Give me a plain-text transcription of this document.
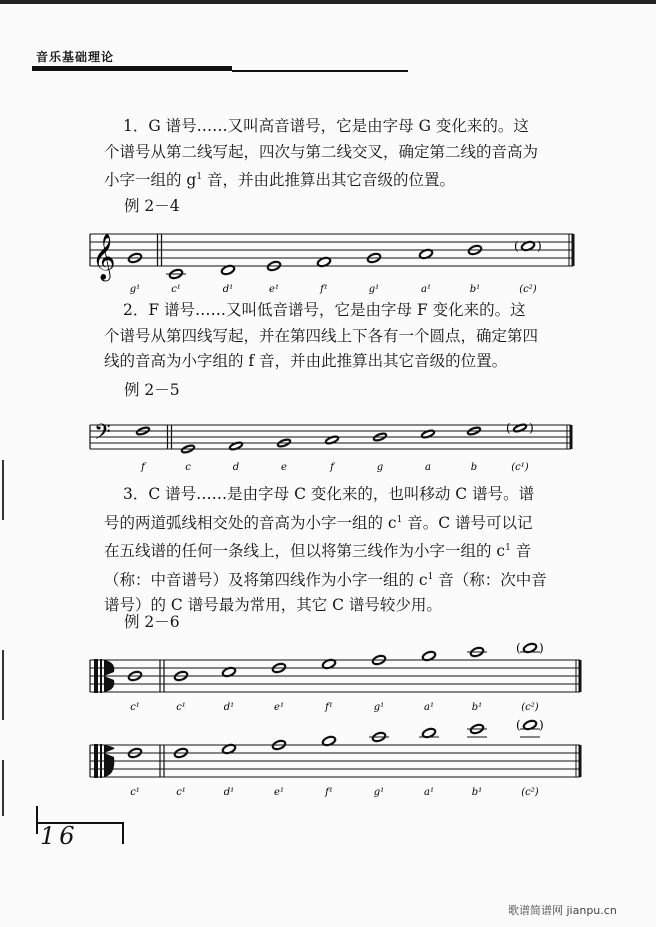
音乐基础理论

1．G 谱号……又叫高音谱号，它是由字母 G 变化来的。这
个谱号从第二线写起，四次与第二线交叉，确定第二线的音高为
小字一组的 $g^1$ 音，并由此推算出其它音级的位置。

例 2－4

2．F 谱号……又叫低音谱号，它是由字母 F 变化来的。这
个谱号从第四线写起，并在第四线上下各有一个圆点，确定第四
线的音高为小字组的 f 音，并由此推算出其它音级的位置。

例 2－5

3．C 谱号……是由字母 C 变化来的，也叫移动 C 谱号。谱
号的两道弧线相交处的音高为小字一组的 $c^1$ 音。C 谱号可以记
在五线谱的任何一条线上，但以将第三线作为小字一组的 $c^1$ 音
（称：中音谱号）及将第四线作为小字一组的 $c^1$ 音（称：次中音
谱号）的 C 谱号最为常用，其它 C 谱号较少用。

例 2－6

𝄞
g¹	c¹	d¹	e¹	f¹	g¹	a¹	b¹
( )
(c²)
𝄢
f	c	d	e	f	g	a	b
( )
(c¹)
c¹	c¹	d¹	e¹	f¹	g¹	a¹	b¹
( )
(c²)
c¹	c¹	d¹	e¹	f¹	g¹	a¹	b¹
( )
(c²)
16
歌谱简谱网 jianpu.cn
